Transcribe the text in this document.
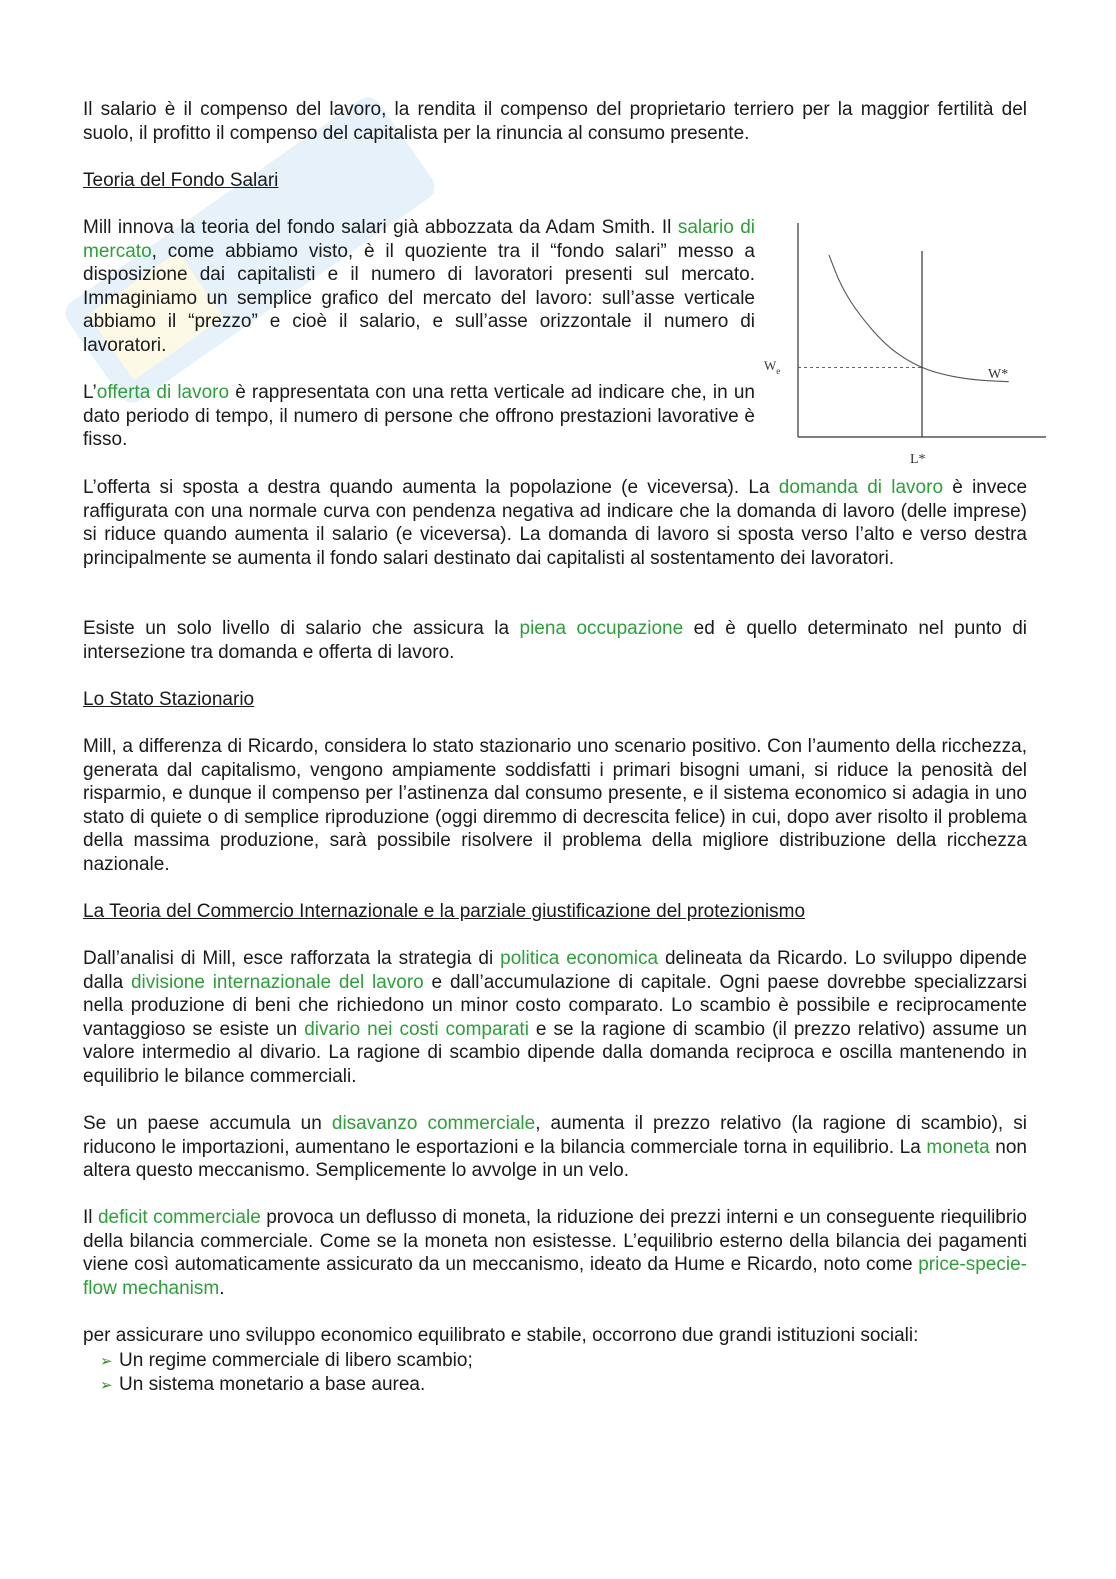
Il salario è il compenso del lavoro, la rendita il compenso del proprietario terriero per la maggior fertilità del suolo, il profitto il compenso del capitalista per la rinuncia al consumo presente.

Teoria del Fondo Salari

Mill innova la teoria del fondo salari già abbozzata da Adam Smith. Il salario di mercato, come abbiamo visto, è il quoziente tra il “fondo salari” messo a disposizione dai capitalisti e il numero di lavoratori presenti sul mercato. Immaginiamo un semplice grafico del mercato del lavoro: sull’asse verticale abbiamo il “prezzo” e cioè il salario, e sull’asse orizzontale il numero di lavoratori.

L’offerta di lavoro è rappresentata con una retta verticale ad indicare che, in un dato periodo di tempo, il numero di persone che offrono prestazioni lavorative è fisso.

$W_e$	W*
L*

L’offerta si sposta a destra quando aumenta la popolazione (e viceversa). La domanda di lavoro è invece raffigurata con una normale curva con pendenza negativa ad indicare che la domanda di lavoro (delle imprese) si riduce quando aumenta il salario (e viceversa). La domanda di lavoro si sposta verso l’alto e verso destra principalmente se aumenta il fondo salari destinato dai capitalisti al sostentamento dei lavoratori.

Esiste un solo livello di salario che assicura la piena occupazione ed è quello determinato nel punto di intersezione tra domanda e offerta di lavoro.

Lo Stato Stazionario

Mill, a differenza di Ricardo, considera lo stato stazionario uno scenario positivo. Con l’aumento della ricchezza, generata dal capitalismo, vengono ampiamente soddisfatti i primari bisogni umani, si riduce la penosità del risparmio, e dunque il compenso per l’astinenza dal consumo presente, e il sistema economico si adagia in uno stato di quiete o di semplice riproduzione (oggi diremmo di decrescita felice) in cui, dopo aver risolto il problema della massima produzione, sarà possibile risolvere il problema della migliore distribuzione della ricchezza nazionale.

La Teoria del Commercio Internazionale e la parziale giustificazione del protezionismo

Dall’analisi di Mill, esce rafforzata la strategia di politica economica delineata da Ricardo. Lo sviluppo dipende dalla divisione internazionale del lavoro e dall’accumulazione di capitale. Ogni paese dovrebbe specializzarsi nella produzione di beni che richiedono un minor costo comparato. Lo scambio è possibile e reciprocamente vantaggioso se esiste un divario nei costi comparati e se la ragione di scambio (il prezzo relativo) assume un valore intermedio al divario. La ragione di scambio dipende dalla domanda reciproca e oscilla mantenendo in equilibrio le bilance commerciali.

Se un paese accumula un disavanzo commerciale, aumenta il prezzo relativo (la ragione di scambio), si riducono le importazioni, aumentano le esportazioni e la bilancia commerciale torna in equilibrio. La moneta non altera questo meccanismo. Semplicemente lo avvolge in un velo.

Il deficit commerciale provoca un deflusso di moneta, la riduzione dei prezzi interni e un conseguente riequilibrio della bilancia commerciale. Come se la moneta non esistesse. L’equilibrio esterno della bilancia dei pagamenti viene così automaticamente assicurato da un meccanismo, ideato da Hume e Ricardo, noto come price-specie-flow mechanism.

per assicurare uno sviluppo economico equilibrato e stabile, occorrono due grandi istituzioni sociali:

➢ Un regime commerciale di libero scambio;
➢ Un sistema monetario a base aurea.
